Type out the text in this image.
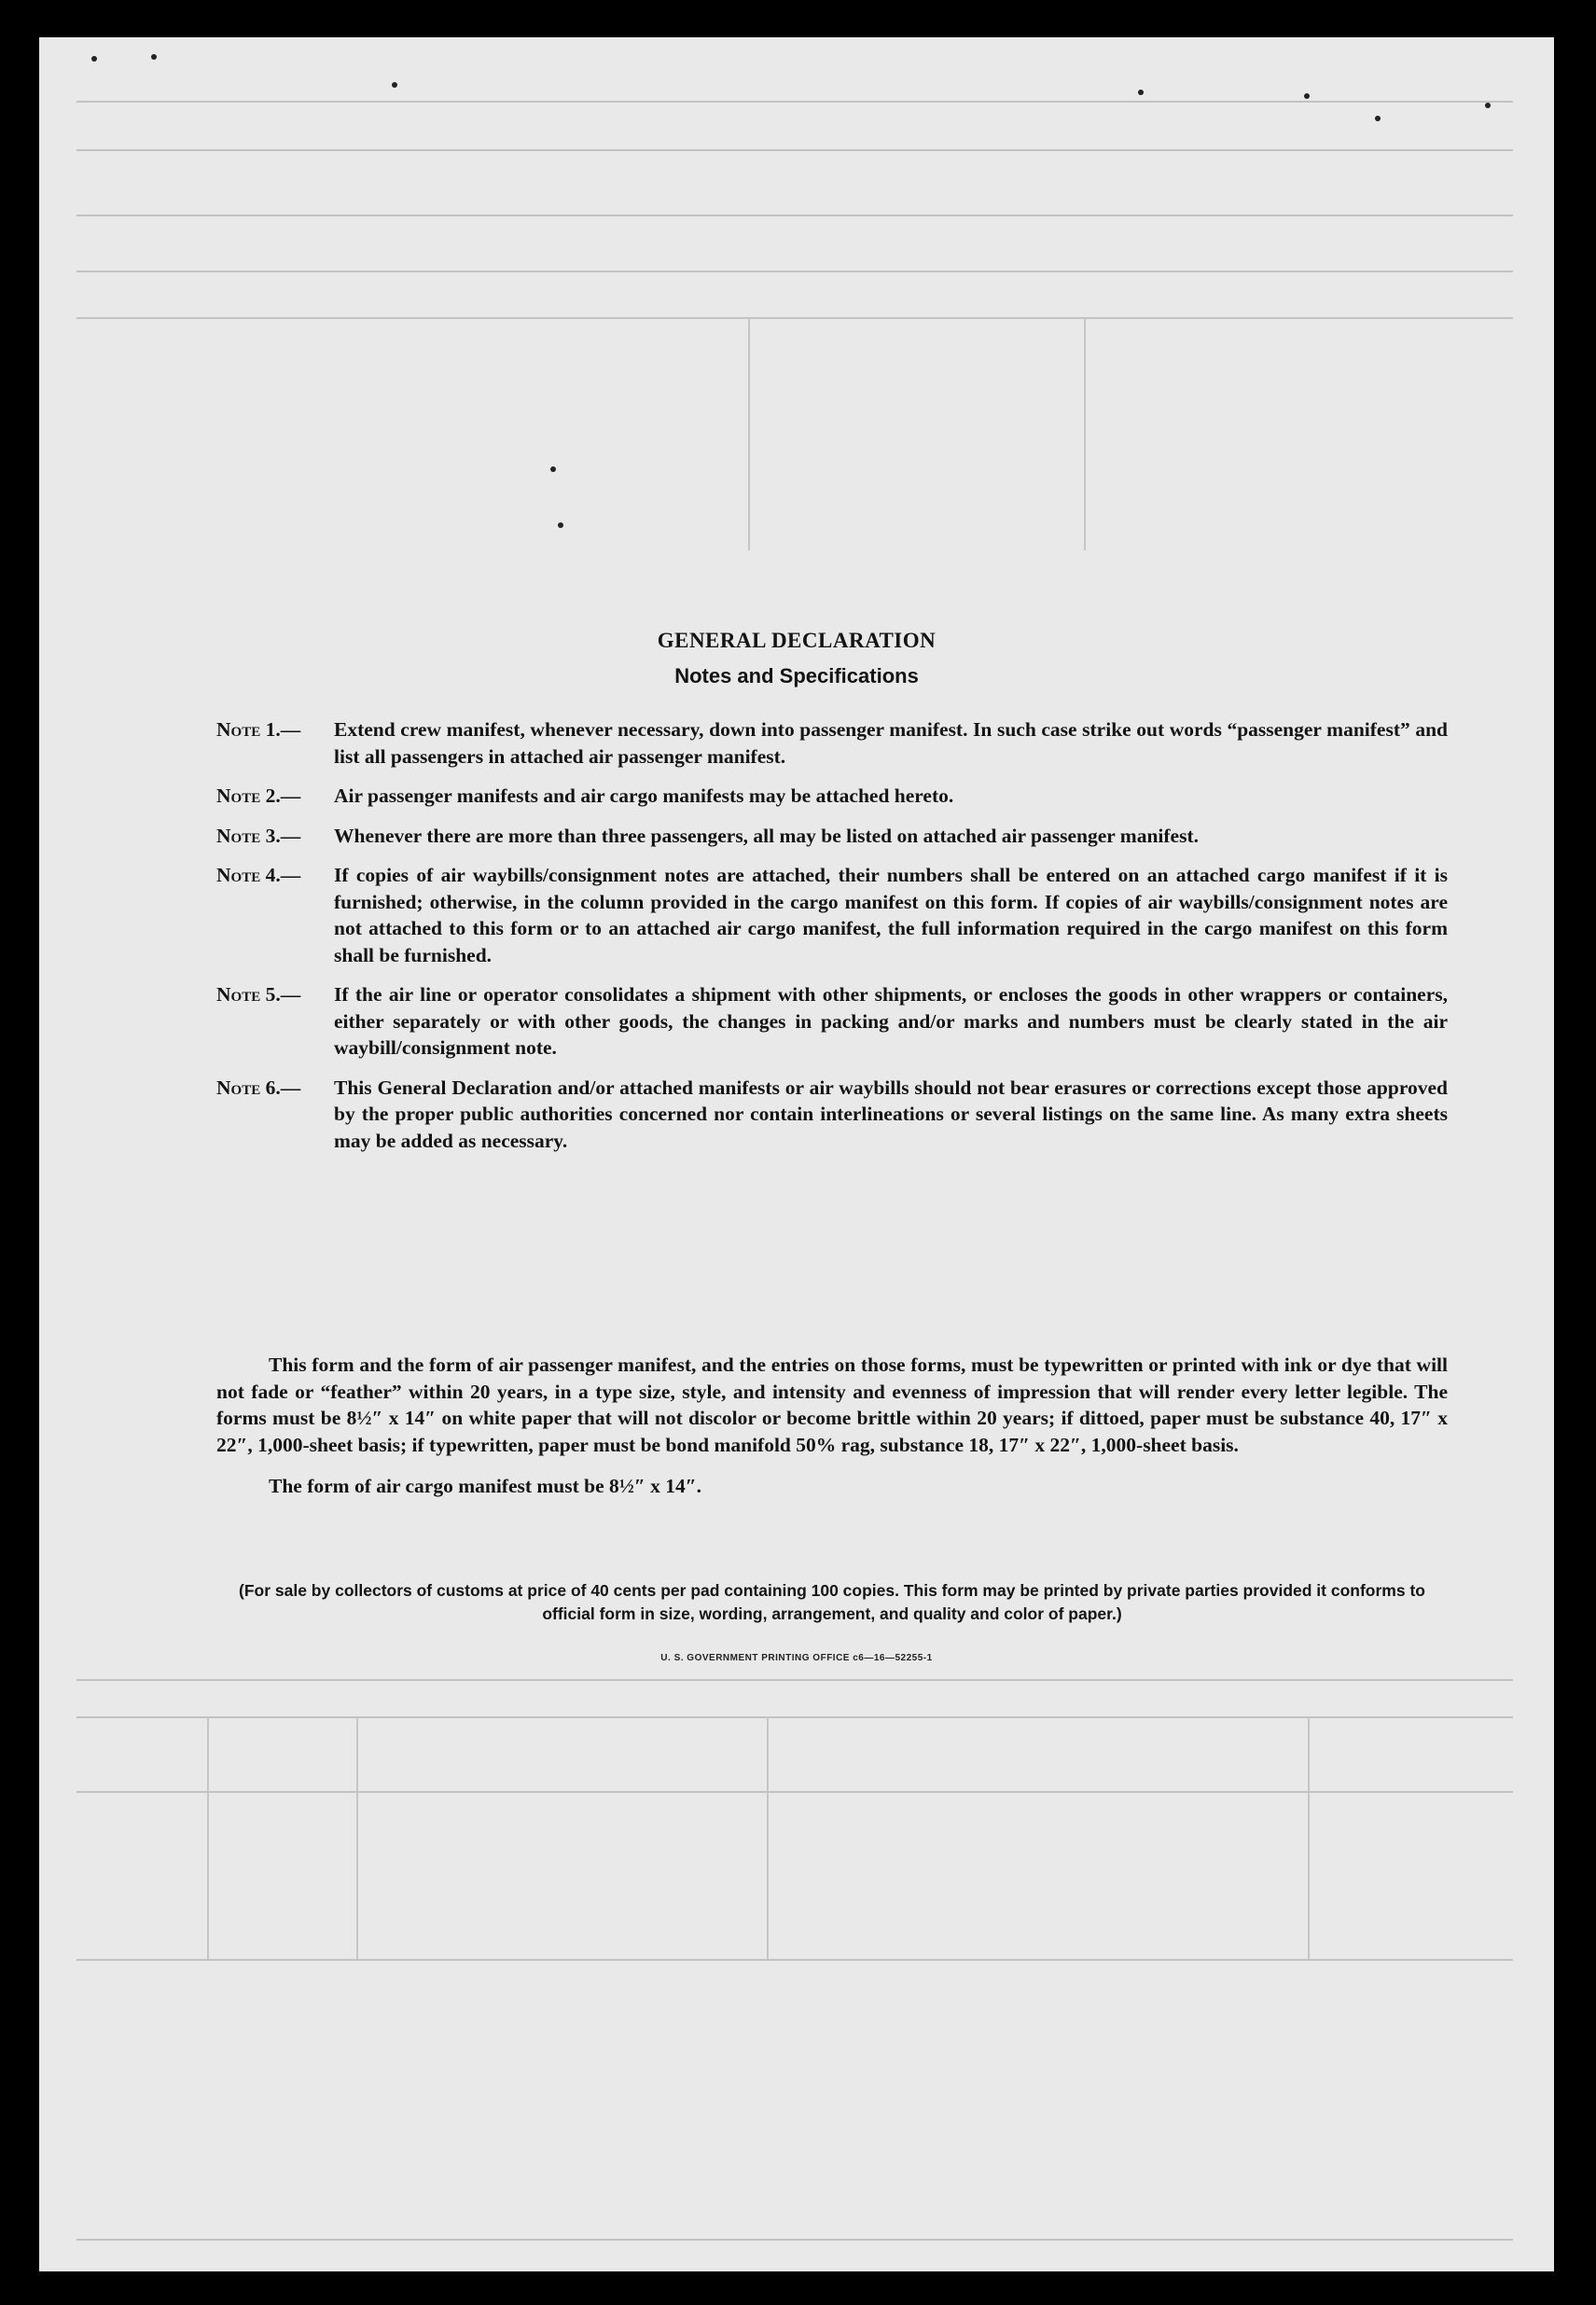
GENERAL DECLARATION
Notes and Specifications
Note 1.—	Extend crew manifest, whenever necessary, down into passenger manifest. In such case strike out words “passenger manifest” and list all passengers in attached air passenger manifest.
Note 2.—	Air passenger manifests and air cargo manifests may be attached hereto.
Note 3.—	Whenever there are more than three passengers, all may be listed on attached air passenger manifest.
Note 4.—	If copies of air waybills/consignment notes are attached, their numbers shall be entered on an attached cargo manifest if it is furnished; otherwise, in the column provided in the cargo manifest on this form. If copies of air waybills/consignment notes are not attached to this form or to an attached air cargo manifest, the full information required in the cargo manifest on this form shall be furnished.
Note 5.—	If the air line or operator consolidates a shipment with other shipments, or encloses the goods in other wrappers or containers, either separately or with other goods, the changes in packing and/or marks and numbers must be clearly stated in the air waybill/consignment note.
Note 6.—	This General Declaration and/or attached manifests or air waybills should not bear erasures or corrections except those approved by the proper public authorities concerned nor contain interlineations or several listings on the same line. As many extra sheets may be added as necessary.
This form and the form of air passenger manifest, and the entries on those forms, must be typewritten or printed with ink or dye that will not fade or “feather” within 20 years, in a type size, style, and intensity and evenness of impression that will render every letter legible. The forms must be 8½″ x 14″ on white paper that will not discolor or become brittle within 20 years; if dittoed, paper must be substance 40, 17″ x 22″, 1,000-sheet basis; if typewritten, paper must be bond manifold 50% rag, substance 18, 17″ x 22″, 1,000-sheet basis.
The form of air cargo manifest must be 8½″ x 14″.
(For sale by collectors of customs at price of 40 cents per pad containing 100 copies. This form may be printed by private parties provided it conforms to official form in size, wording, arrangement, and quality and color of paper.)
U. S. GOVERNMENT PRINTING OFFICE c6—16—52255-1
